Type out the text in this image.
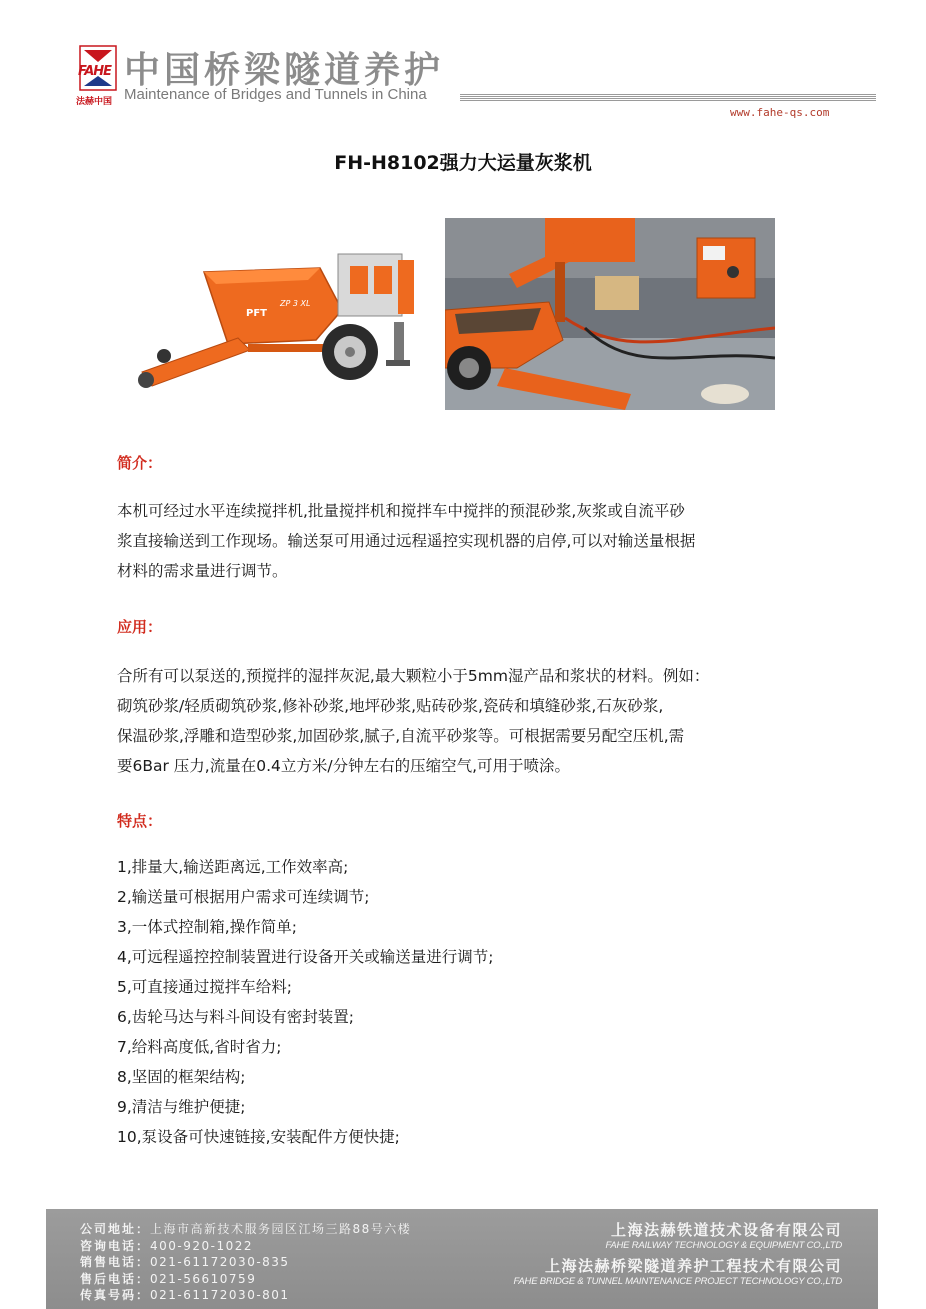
FAHE
法赫中国
中国桥梁隧道养护
Maintenance of Bridges and Tunnels in China
www.fahe-qs.com
FH-H8102强力大运量灰浆机
PFT
ZP 3 XL
简介：
本机可经过水平连续搅拌机,批量搅拌机和搅拌车中搅拌的预混砂浆,灰浆或自流平砂
浆直接输送到工作现场。输送泵可用通过远程遥控实现机器的启停,可以对输送量根据
材料的需求量进行调节。
应用：
合所有可以泵送的,预搅拌的湿拌灰泥,最大颗粒小于5mm湿产品和浆状的材料。例如：
砌筑砂浆/轻质砌筑砂浆,修补砂浆,地坪砂浆,贴砖砂浆,瓷砖和填缝砂浆,石灰砂浆,
保温砂浆,浮雕和造型砂浆,加固砂浆,腻子,自流平砂浆等。可根据需要另配空压机,需
要6Bar 压力,流量在0.4立方米/分钟左右的压缩空气,可用于喷涂。
特点：
1,排量大,输送距离远,工作效率高;
2,输送量可根据用户需求可连续调节;
3,一体式控制箱,操作简单;
4,可远程遥控控制装置进行设备开关或输送量进行调节;
5,可直接通过搅拌车给料;
6,齿轮马达与料斗间设有密封装置;
7,给料高度低,省时省力;
8,坚固的框架结构;
9,清洁与维护便捷;
10,泵设备可快速链接,安装配件方便快捷;
公司地址：上海市高新技术服务园区江场三路88号六楼
咨询电话：400-920-1022
销售电话：021-61172030-835
售后电话：021-56610759
传真号码：021-61172030-801
上海法赫铁道技术设备有限公司
FAHE RAILWAY TECHNOLOGY & EQUIPMENT CO.,LTD
上海法赫桥梁隧道养护工程技术有限公司
FAHE BRIDGE & TUNNEL MAINTENANCE PROJECT TECHNOLOGY CO.,LTD
